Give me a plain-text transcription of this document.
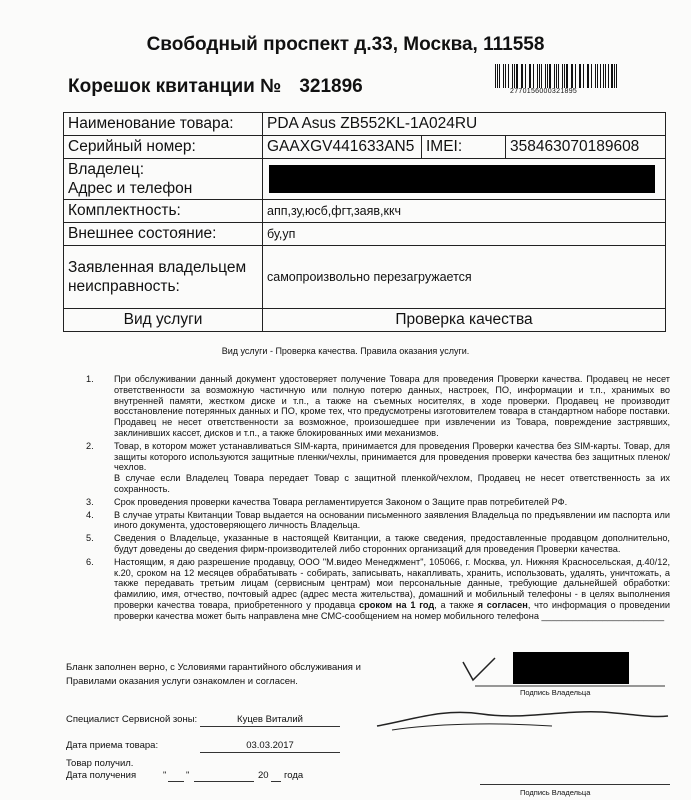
Свободный проспект д.33, Москва, 111558
Корешок квитанции № 321896	2770156000321895
Наименование товара:	PDA Asus ZB552KL-1A024RU		
Серийный номер:	GAAXGV441633AN5	IMEI:	358463070189608

Владелец:
Адрес и телефон			

Комплектность:	апп,зу,юсб,фгт,заяв,ккч		
Внешнее состояние:	бу,уп		

Заявленная владельцем
неисправность:	самопроизвольно перезагружается		
Вид услуги	Проверка качества		
Вид услуги - Проверка качества. Правила оказания услуги.
1. При обслуживании данный документ удостоверяет получение Товара для проведения Проверки качества. Продавец не несет ответственности за возможную частичную или полную потерю данных, настроек, ПО, информации и т.п., хранимых во внутренней памяти, жестком диске и т.п., а также на съемных носителях, в ходе проверки. Продавец не производит восстановление потерянных данных и ПО, кроме тех, что предусмотрены изготовителем товара в стандартном наборе поставки. Продавец не несет ответственности за возможное, произошедшее при извлечении из Товара, повреждение застрявших, заклинивших кассет, дисков и т.п., а также блокированных ими механизмов.

2. Товар, в котором может устанавливаться SIM-карта, принимается для проведения Проверки качества без SIM-карты. Товар, для защиты которого используются защитные пленки/чехлы, принимается для проведения проверки качества без защитных пленок/чехлов.

В случае если Владелец Товара передает Товар с защитной пленкой/чехлом, Продавец не несет ответственность за их сохранность.

3. Срок проведения проверки качества Товара регламентируется Законом о Защите прав потребителей РФ.

4. В случае утраты Квитанции Товар выдается на основании письменного заявления Владельца по предъявлении им паспорта или иного документа, удостоверяющего личность Владельца.

5. Сведения о Владельце, указанные в настоящей Квитанции, а также сведения, предоставленные продавцом дополнительно, будут доведены до сведения фирм-производителей либо сторонних организаций для проведения Проверки качества.

6. Настоящим, я даю разрешение продавцу, ООО "М.видео Менеджмент", 105066, г. Москва, ул. Нижняя Красносельская, д.40/12, к.20, сроком на 12 месяцев обрабатывать - собирать, записывать, накапливать, хранить, использовать, удалять, уничтожать, а также передавать третьим лицам (сервисным центрам) мои персональные данные, требующие дальнейшей обработки: фамилию, имя, отчество, почтовый адрес (адрес места жительства), домашний и мобильный телефоны - в целях выполнения проверки качества товара, приобретенного у продавца сроком на 1 год, а также я согласен, что информация о проведении проверки качества может быть направлена мне СМС-сообщением на номер мобильного телефона ________________________

Бланк заполнен верно, с Условиями гарантийного обслуживания и
Правилами оказания услуги ознакомлен и согласен.
Подпись Владельца
Специалист Сервисной зоны:	Куцев Виталий
Дата приема товара:	03.03.2017
Товар получил.
Дата получения	" "	20 года
Подпись Владельца
